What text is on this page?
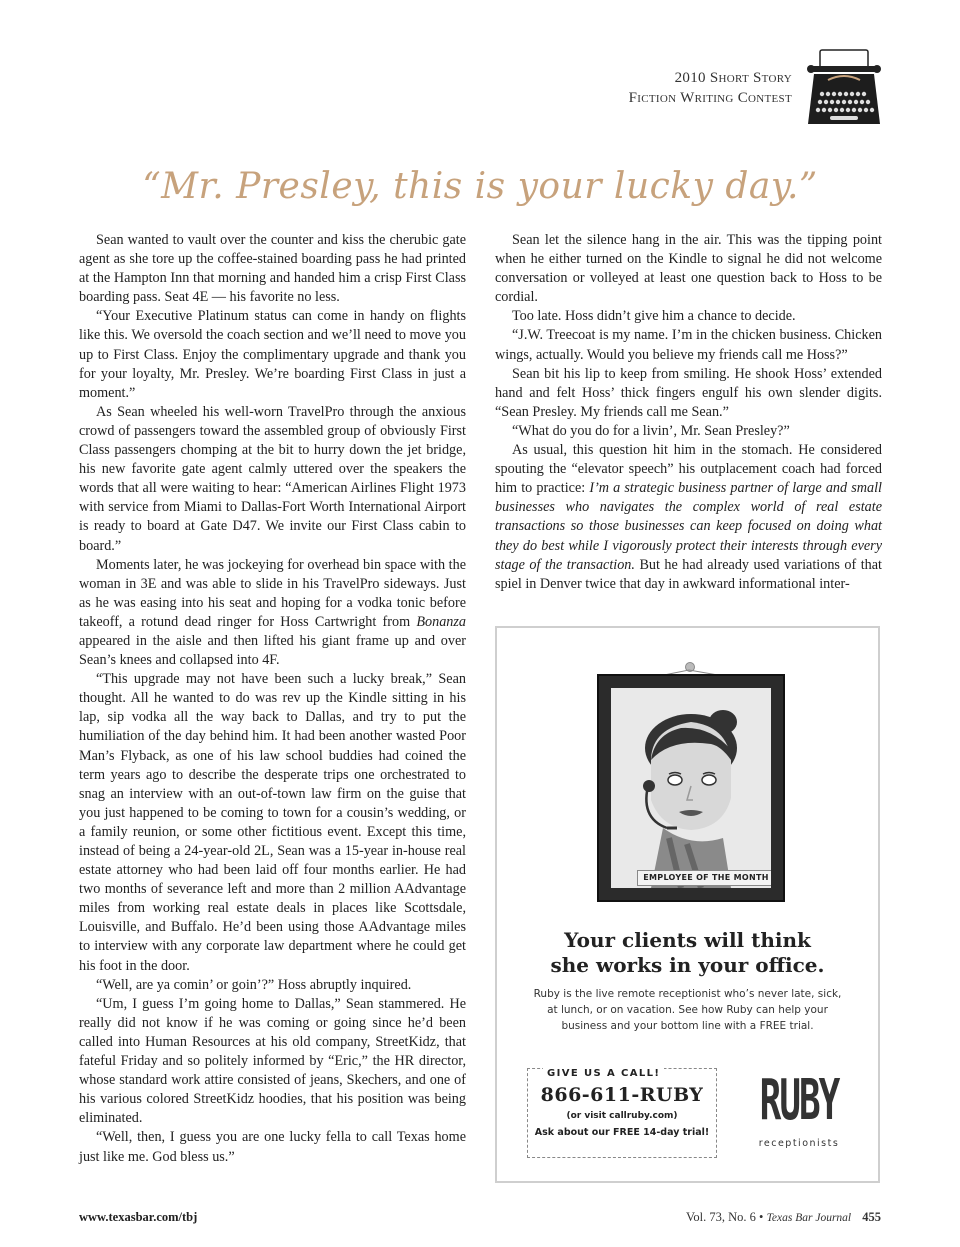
2010 Short Story
Fiction Writing Contest
“Mr. Presley, this is your lucky day.”

Sean wanted to vault over the counter and kiss the cherubic gate agent as she tore up the coffee-stained boarding pass he had printed at the Hampton Inn that morning and handed him a crisp First Class boarding pass. Seat 4E — his favorite no less.

“Your Executive Platinum status can come in handy on flights like this. We oversold the coach section and we’ll need to move you up to First Class. Enjoy the complimentary upgrade and thank you for your loyalty, Mr. Presley. We’re boarding First Class in just a moment.”

As Sean wheeled his well-worn TravelPro through the anxious crowd of passengers toward the assembled group of obviously First Class passengers chomping at the bit to hurry down the jet bridge, his new favorite gate agent calmly uttered over the speakers the words that all were waiting to hear: “American Airlines Flight 1973 with service from Miami to Dallas-Fort Worth International Airport is ready to board at Gate D47. We invite our First Class cabin to board.”

Moments later, he was jockeying for overhead bin space with the woman in 3E and was able to slide in his TravelPro sideways. Just as he was easing into his seat and hoping for a vodka tonic before takeoff, a rotund dead ringer for Hoss Cartwright from Bonanza appeared in the aisle and then lifted his giant frame up and over Sean’s knees and collapsed into 4F.

“This upgrade may not have been such a lucky break,” Sean thought. All he wanted to do was rev up the Kindle sitting in his lap, sip vodka all the way back to Dallas, and try to put the humiliation of the day behind him. It had been another wasted Poor Man’s Flyback, as one of his law school buddies had coined the term years ago to describe the desperate trips one orchestrated to snag an interview with an out-of-town law firm on the guise that you just happened to be coming to town for a cousin’s wedding, or a family reunion, or some other fictitious event. Except this time, instead of being a 24-year-old 2L, Sean was a 15-year in-house real estate attorney who had been laid off four months earlier. He had two months of severance left and more than 2 million AAdvantage miles from working real estate deals in places like Scottsdale, Louisville, and Buffalo. He’d been using those AAdvantage miles to interview with any corporate law department where he could get his foot in the door.

“Well, are ya comin’ or goin’?” Hoss abruptly inquired.

“Um, I guess I’m going home to Dallas,” Sean stammered. He really did not know if he was coming or going since he’d been called into Human Resources at his old company, StreetKidz, that fateful Friday and so politely informed by “Eric,” the HR director, whose standard work attire consisted of jeans, Skechers, and one of his various colored StreetKidz hoodies, that his position was being eliminated.

“Well, then, I guess you are one lucky fella to call Texas home just like me. God bless us.”

Sean let the silence hang in the air. This was the tipping point when he either turned on the Kindle to signal he did not welcome conversation or volleyed at least one question back to Hoss to be cordial.

Too late. Hoss didn’t give him a chance to decide.

“J.W. Treecoat is my name. I’m in the chicken business. Chicken wings, actually. Would you believe my friends call me Hoss?”

Sean bit his lip to keep from smiling. He shook Hoss’ extended hand and felt Hoss’ thick fingers engulf his own slender digits. “Sean Presley. My friends call me Sean.”

“What do you do for a livin’, Mr. Sean Presley?”

As usual, this question hit him in the stomach. He considered spouting the “elevator speech” his outplacement coach had forced him to practice: I’m a strategic business partner of large and small businesses who navigates the complex world of real estate transactions so those businesses can keep focused on doing what they do best while I vigorously protect their interests through every stage of the transaction. But he had already used variations of that spiel in Denver twice that day in awkward informational inter-

EMPLOYEE OF THE MONTH
Your clients will think
she works in your office.
Ruby is the live remote receptionist who’s never late, sick, at lunch, or on vacation. See how Ruby can help your business and your bottom line with a FREE trial.
GIVE US A CALL!
866-611-RUBY
(or visit callruby.com)
Ask about our FREE 14-day trial! RUBY
receptionists
www.texasbar.com/tbj	Vol. 73, No. 6 • Texas Bar Journal 455
